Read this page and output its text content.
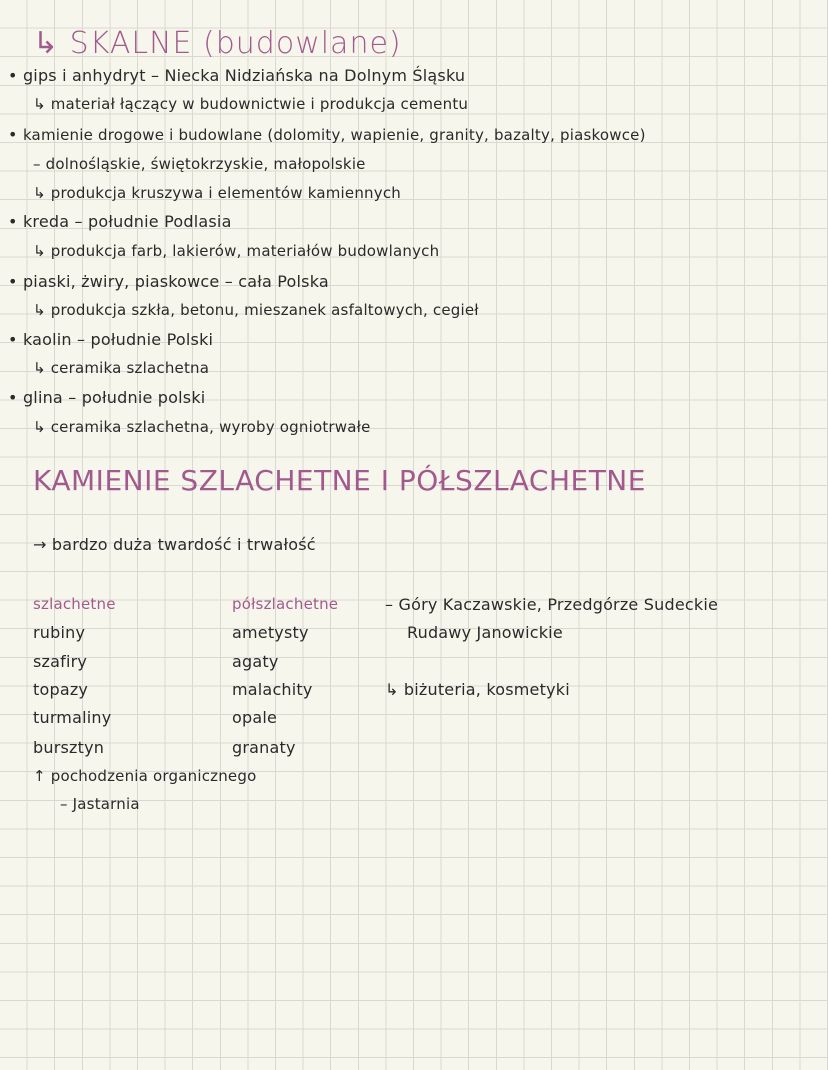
↳ SKALNE (budowlane)
• gips i anhydryt – Niecka Nidziańska na Dolnym Śląsku
↳ materiał łączący w budownictwie i produkcja cementu
• kamienie drogowe i budowlane (dolomity, wapienie, granity, bazalty, piaskowce)
– dolnośląskie, świętokrzyskie, małopolskie
↳ produkcja kruszywa i elementów kamiennych
• kreda – południe Podlasia
↳ produkcja farb, lakierów, materiałów budowlanych
• piaski, żwiry, piaskowce – cała Polska
↳ produkcja szkła, betonu, mieszanek asfaltowych, cegieł
• kaolin – południe Polski
↳ ceramika szlachetna
• glina – południe polski
↳ ceramika szlachetna, wyroby ogniotrwałe
KAMIENIE SZLACHETNE I PÓŁSZLACHETNE
→ bardzo duża twardość i trwałość
szlachetne
rubiny
szafiry
topazy
turmaliny
bursztyn
↑ pochodzenia organicznego
– Jastarnia
półszlachetne
ametysty
agaty
malachity
opale
granaty
– Góry Kaczawskie, Przedgórze Sudeckie
Rudawy Janowickie
↳ biżuteria, kosmetyki
